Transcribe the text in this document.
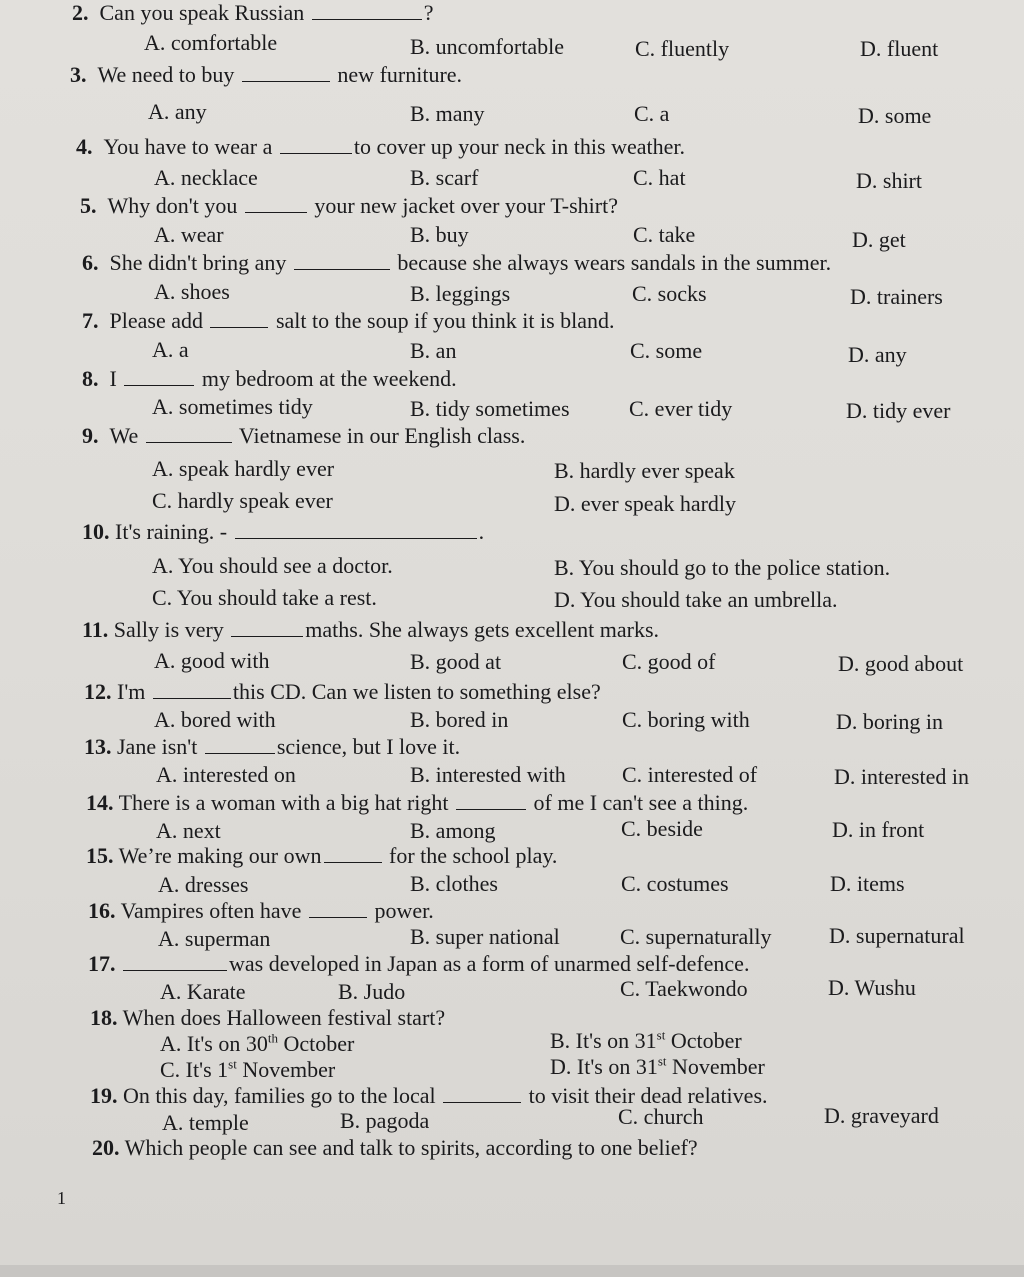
2. Can you speak Russian	?
A. comfortable	B. uncomfortable	C. fluently	D. fluent
3. We need to buy	new furniture.
A. any	B. many	C. a	D. some
4. You have to wear a	to cover up your neck in this weather.
A. necklace	B. scarf	C. hat	D. shirt
5. Why don't you	your new jacket over your T-shirt?
A. wear	B. buy	C. take	D. get
6. She didn't bring any	because she always wears sandals in the summer.
A. shoes	B. leggings	C. socks	D. trainers
7. Please add	salt to the soup if you think it is bland.
A. a	B. an	C. some	D. any
8. I	my bedroom at the weekend.
A. sometimes tidy	B. tidy sometimes	C. ever tidy	D. tidy ever
9. We	Vietnamese in our English class.
A. speak hardly ever	B. hardly ever speak
C. hardly speak ever	D. ever speak hardly
10. It's raining. -	.
A. You should see a doctor.	B. You should go to the police station.
C. You should take a rest.	D. You should take an umbrella.
11. Sally is very	maths. She always gets excellent marks.
A. good with	B. good at	C. good of	D. good about
12. I'm	this CD. Can we listen to something else?
A. bored with	B. bored in	C. boring with	D. boring in
13. Jane isn't	science, but I love it.
A. interested on	B. interested with	C. interested of	D. interested in
14. There is a woman with a big hat right	of me I can't see a thing.
A. next	B. among	C. beside	D. in front
15. We’re making our own	for the school play.
A. dresses	B. clothes	C. costumes	D. items
16. Vampires often have	power.
A. superman	B. super national	C. supernaturally	D. supernatural
17.	was developed in Japan as a form of unarmed self-defence.
A. Karate	B. Judo	C. Taekwondo	D. Wushu
18. When does Halloween festival start?
A. It's on 30th October	B. It's on 31st October
C. It's 1st November	D. It's on 31st November
19. On this day, families go to the local	to visit their dead relatives.
A. temple	B. pagoda	C. church	D. graveyard
20. Which people can see and talk to spirits, according to one belief?
1
